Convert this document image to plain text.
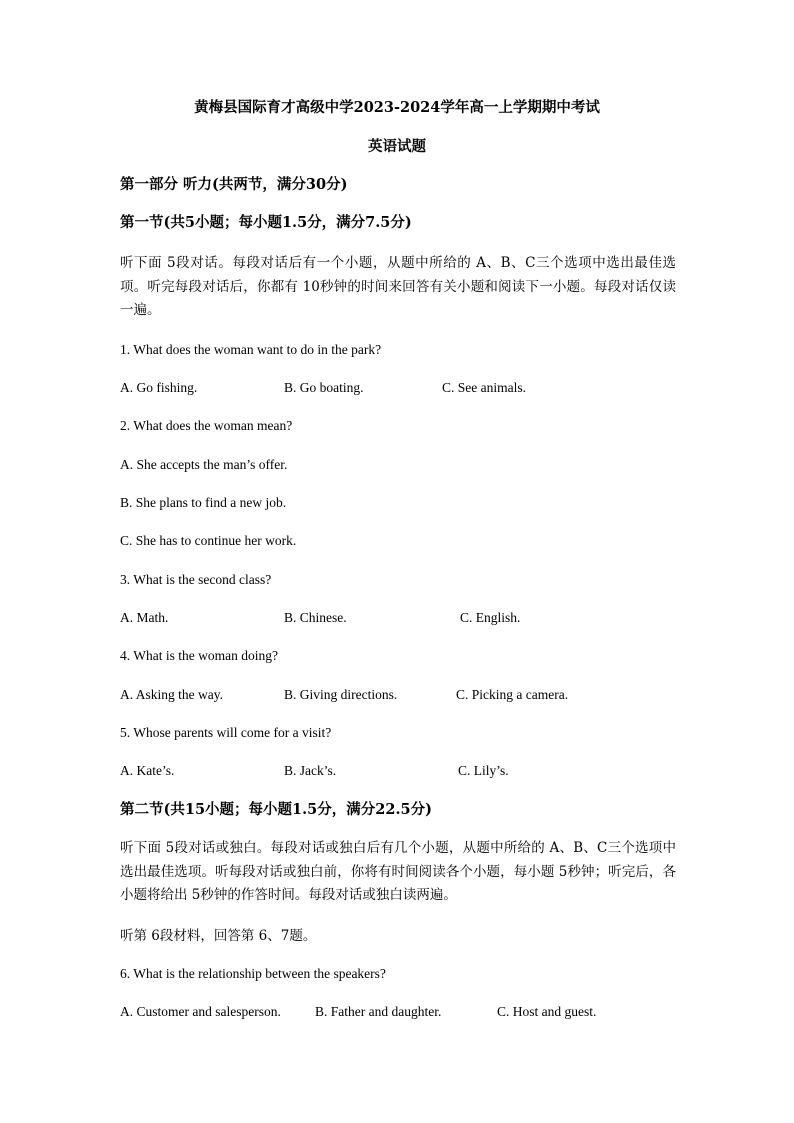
黄梅县国际育才高级中学2023-2024学年高一上学期期中考试
英语试题
第一部分 听力(共两节，满分30分)
第一节(共5小题；每小题1.5分，满分7.5分)
听下面 5段对话。每段对话后有一个小题，从题中所给的 A、B、C三个选项中选出最佳选项。听完每段对话后，你都有 10秒钟的时间来回答有关小题和阅读下一小题。每段对话仅读一遍。
1. What does the woman want to do in the park?
A. Go fishing.	B. Go boating.	C. See animals.
2. What does the woman mean?
A. She accepts the man’s offer.
B. She plans to find a new job.
C. She has to continue her work.
3. What is the second class?
A. Math.	B. Chinese.	C. English.
4. What is the woman doing?
A. Asking the way.	B. Giving directions.	C. Picking a camera.
5. Whose parents will come for a visit?
A. Kate’s.	B. Jack’s.	C. Lily’s.
第二节(共15小题；每小题1.5分，满分22.5分)
听下面 5段对话或独白。每段对话或独白后有几个小题，从题中所给的 A、B、C三个选项中选出最佳选项。听每段对话或独白前，你将有时间阅读各个小题，每小题 5秒钟；听完后，各小题将给出 5秒钟的作答时间。每段对话或独白读两遍。
听第 6段材料，回答第 6、7题。
6. What is the relationship between the speakers?
A. Customer and salesperson.	B. Father and daughter.	C. Host and guest.
